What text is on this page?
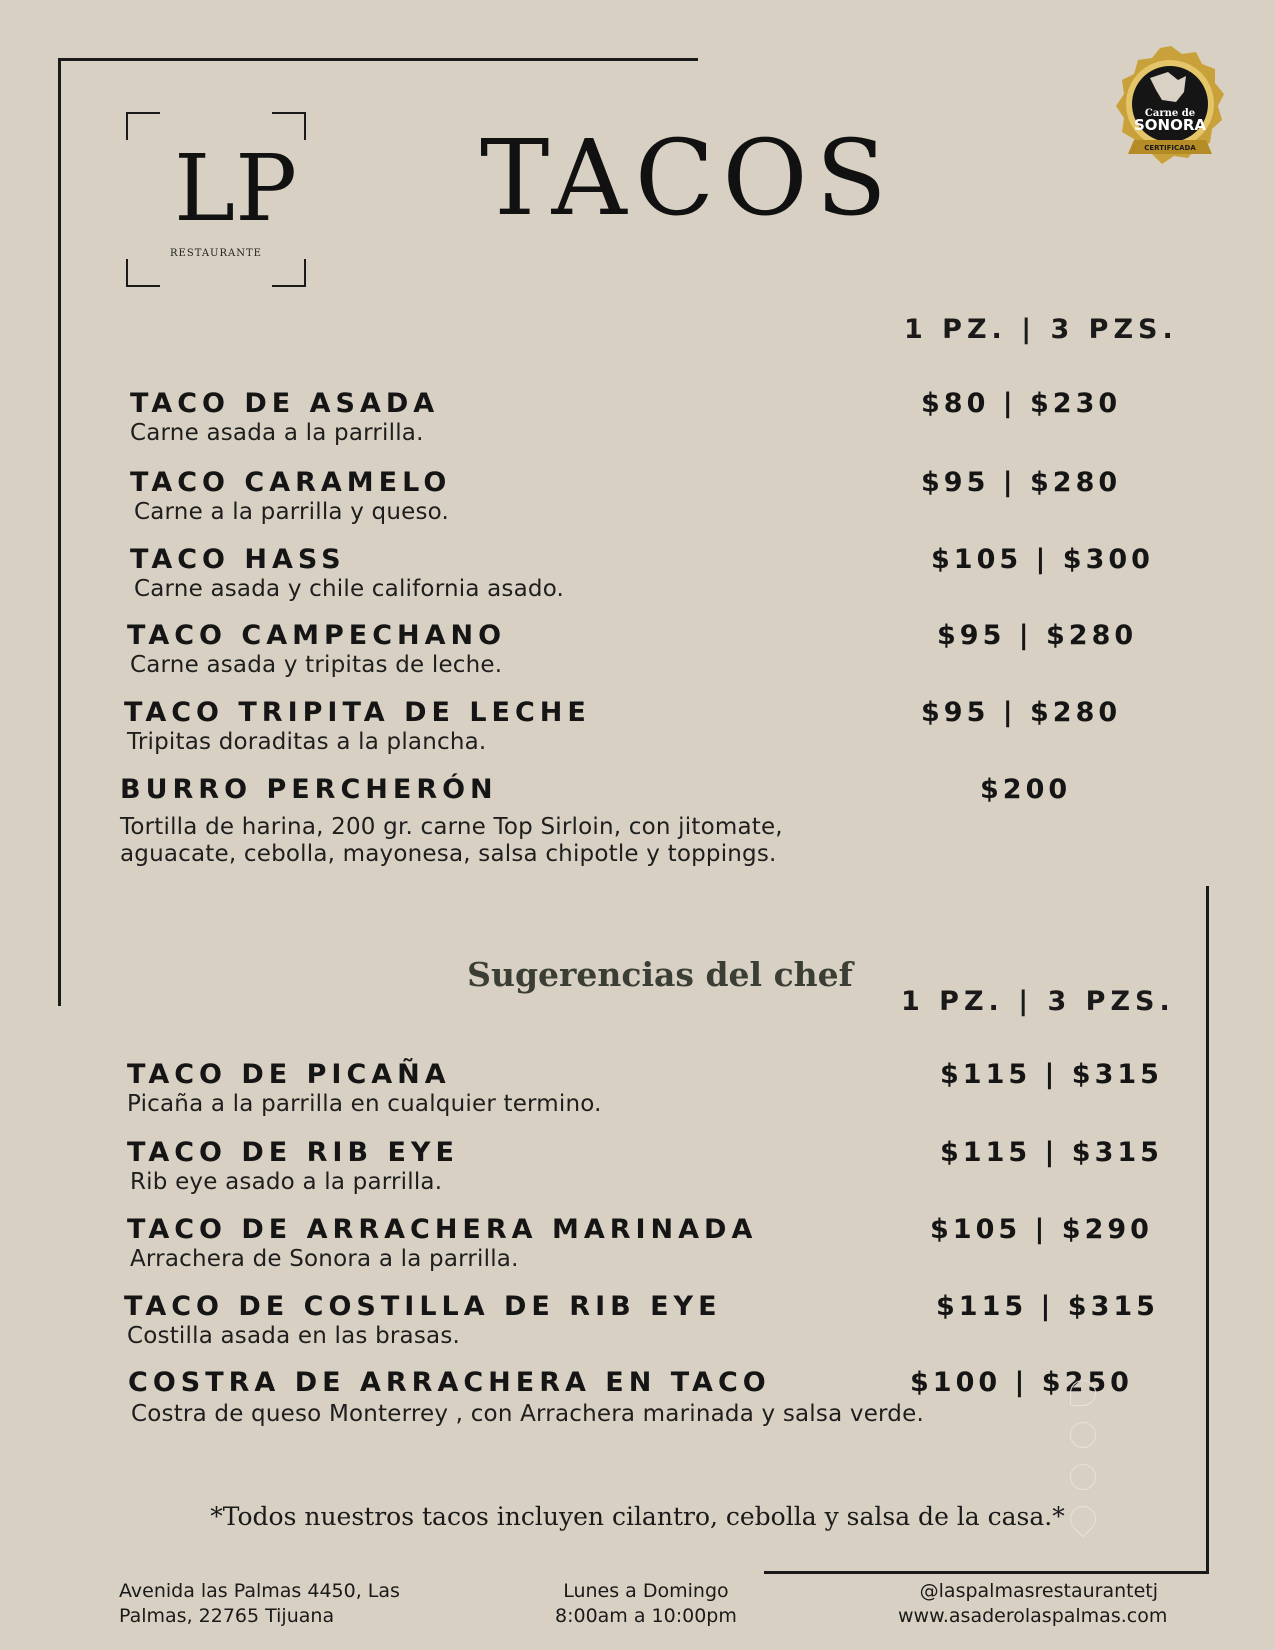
LP
RESTAURANTE
TACOS
Carne de
SONORA
CERTIFICADA
1 PZ. | 3 PZS.
TACO DE ASADA
Carne asada a la parrilla.
$80 | $230
TACO CARAMELO
Carne a la parrilla y queso.
$95 | $280
TACO HASS
Carne asada y chile california asado.
$105 | $300
TACO CAMPECHANO
Carne asada y tripitas de leche.
$95 | $280
TACO TRIPITA DE LECHE
Tripitas doraditas a la plancha.
$95 | $280
BURRO PERCHERÓN
Tortilla de harina, 200 gr. carne Top Sirloin, con jitomate,
aguacate, cebolla, mayonesa, salsa chipotle y toppings.
$200
Sugerencias del chef
1 PZ. | 3 PZS.
TACO DE PICAÑA
Picaña a la parrilla en cualquier termino.
$115 | $315
TACO DE RIB EYE
Rib eye asado a la parrilla.
$115 | $315
TACO DE ARRACHERA MARINADA
Arrachera de Sonora a la parrilla.
$105 | $290
TACO DE COSTILLA DE RIB EYE
Costilla asada en las brasas.
$115 | $315
COSTRA DE ARRACHERA EN TACO
Costra de queso Monterrey , con Arrachera marinada y salsa verde.
$100 | $250
*Todos nuestros tacos incluyen cilantro, cebolla y salsa de la casa.*
Avenida las Palmas 4450, Las
Palmas, 22765 Tijuana
Lunes a Domingo
8:00am a 10:00pm
@laspalmasrestaurantetj
www.asaderolaspalmas.com
